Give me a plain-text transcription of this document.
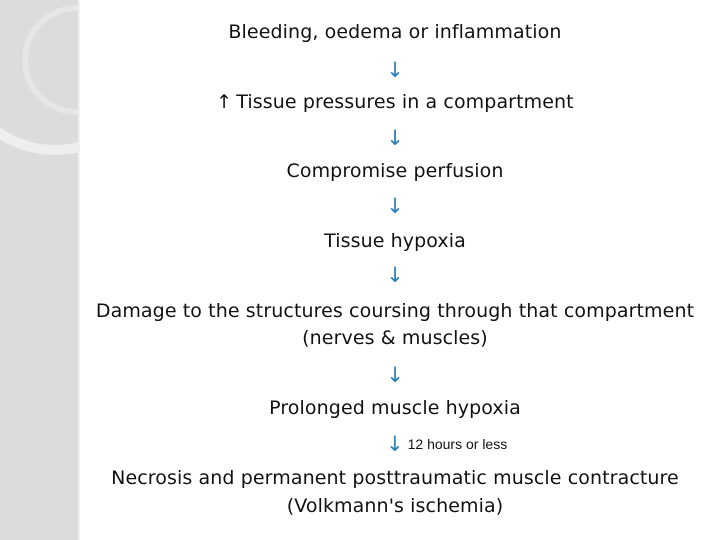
Bleeding, oedema or inflammation
↓
↑ Tissue pressures in a compartment
↓
Compromise perfusion
↓
Tissue hypoxia
↓
Damage to the structures coursing through that compartment
(nerves & muscles)
↓
Prolonged muscle hypoxia
↓ 12 hours or less
Necrosis and permanent posttraumatic muscle contracture
(Volkmann's ischemia)
